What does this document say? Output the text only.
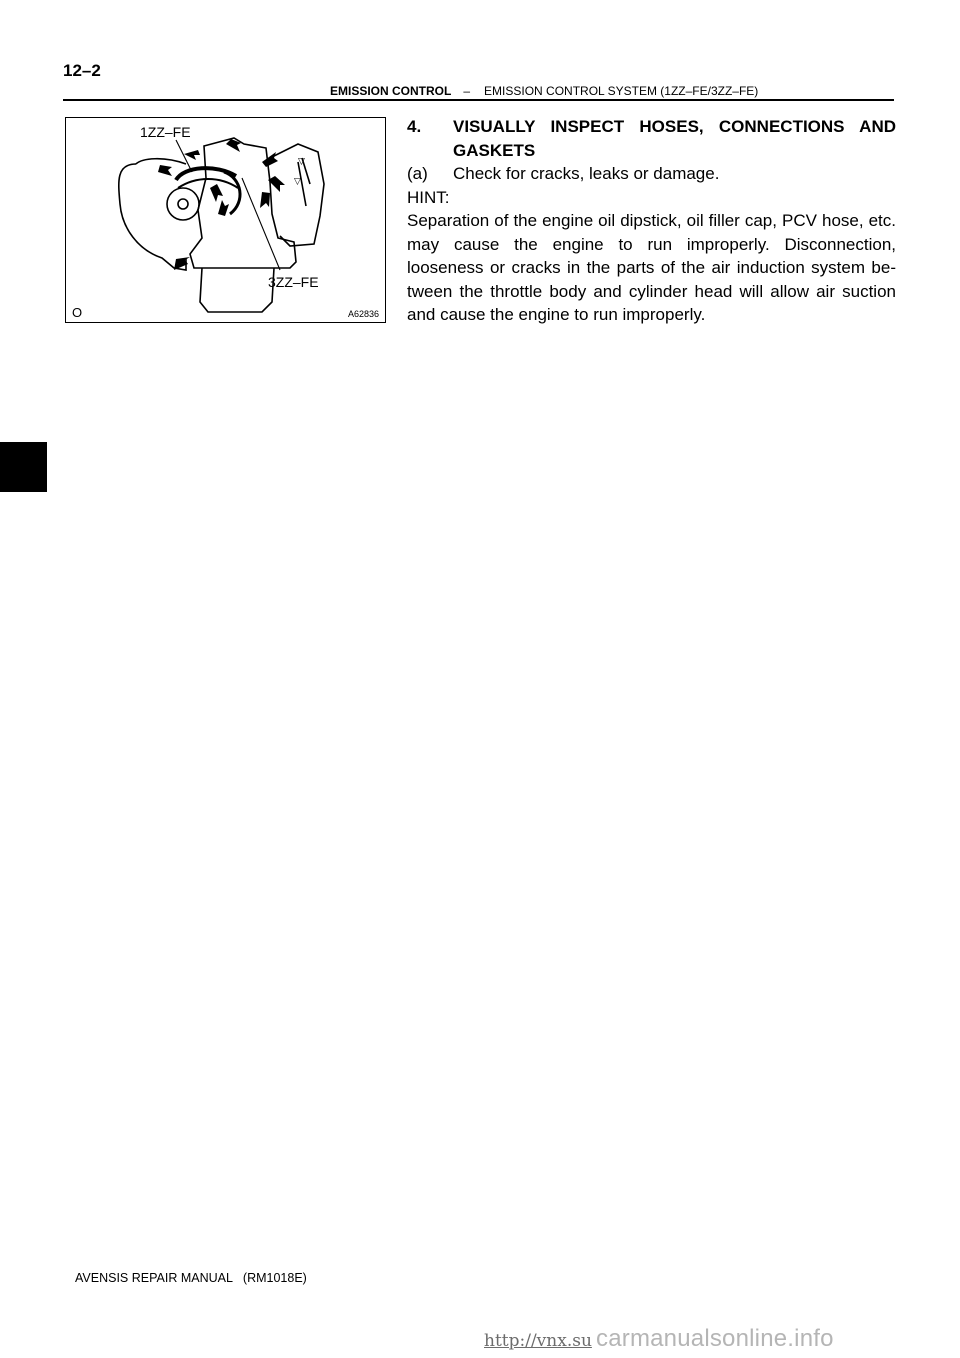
12–2
EMISSION CONTROL – EMISSION CONTROL SYSTEM (1ZZ–FE/3ZZ–FE)
▽
▽
1ZZ–FE
3ZZ–FE
A62836
O
4.	VISUALLY INSPECT HOSES, CONNECTIONS AND GASKETS
(a)	Check for cracks, leaks or damage.
HINT:
Separation of the engine oil dipstick, oil filler cap, PCV hose, etc. may cause the engine to run improperly. Disconnection, looseness or cracks in the parts of the air induction system be- tween the throttle body and cylinder head will allow air suction and cause the engine to run improperly.
AVENSIS REPAIR MANUAL (RM1018E)
http://vnx.su carmanualsonline.info
